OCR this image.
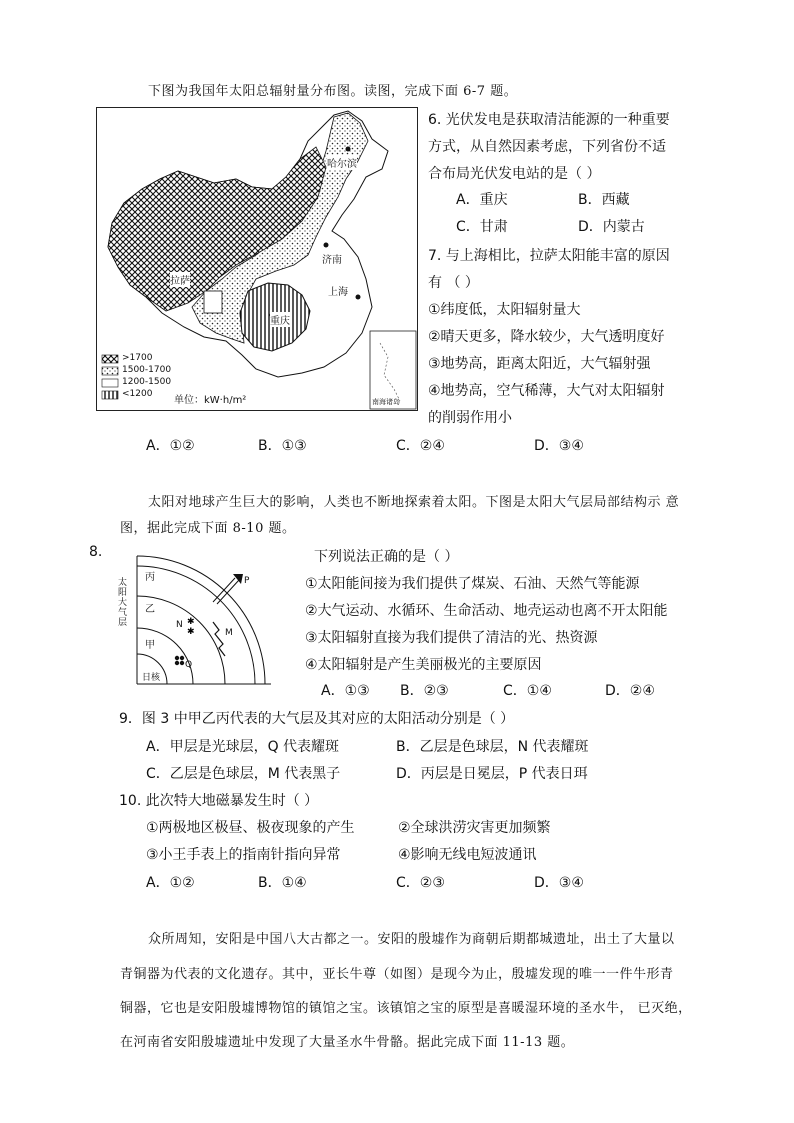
下图为我国年太阳总辐射量分布图。读图，完成下面 6-7 题。
哈尔滨
济南
上海
拉萨
重庆
>1700
1500-1700
1200-1500
<1200
单位：kW·h/m²	南海诸岛
6. 光伏发电是获取清洁能源的一种重要
方式，从自然因素考虑，下列省份不适
合布局光伏发电站的是（ ）
A．重庆	B．西藏
C．甘肃	D．内蒙古
7. 与上海相比，拉萨太阳能丰富的原因
有 （ ）
①纬度低，太阳辐射量大
②晴天更多，降水较少，大气透明度好
③地势高，距离太阳近，大气辐射强
④地势高，空气稀薄，大气对太阳辐射
的削弱作用小
A．①②	B．①③	C．②④	D．③④
太阳对地球产生巨大的影响，人类也不断地探索着太阳。下图是太阳大气层局部结构示 意
图，据此完成下面 8-10 题。
8.
✱
✱
太阳大气层
丙
乙
甲
日核
P
N
M
Q
下列说法正确的是（ ）
①太阳能间接为我们提供了煤炭、石油、天然气等能源
②大气运动、水循环、生命活动、地壳运动也离不开太阳能
③太阳辐射直接为我们提供了清洁的光、热资源
④太阳辐射是产生美丽极光的主要原因
A．①③ B．②③	C．①④	D．②④
9．图 3 中甲乙丙代表的大气层及其对应的太阳活动分别是（ ）
A．甲层是光球层，Q 代表耀斑	B．乙层是色球层，N 代表耀斑
C．乙层是色球层，M 代表黑子	D．丙层是日冕层，P 代表日珥
10. 此次特大地磁暴发生时（ ）
①两极地区极昼、极夜现象的产生	②全球洪涝灾害更加频繁
③小王手表上的指南针指向异常	④影响无线电短波通讯
A．①②	B．①④	C．②③	D．③④
众所周知，安阳是中国八大古都之一。安阳的殷墟作为商朝后期都城遗址，出土了大量以
青铜器为代表的文化遗存。其中，亚长牛尊（如图）是现今为止，殷墟发现的唯一一件牛形青
铜器，它也是安阳殷墟博物馆的镇馆之宝。该镇馆之宝的原型是喜暖湿环境的圣水牛， 已灭绝，
在河南省安阳殷墟遗址中发现了大量圣水牛骨骼。据此完成下面 11-13 题。
